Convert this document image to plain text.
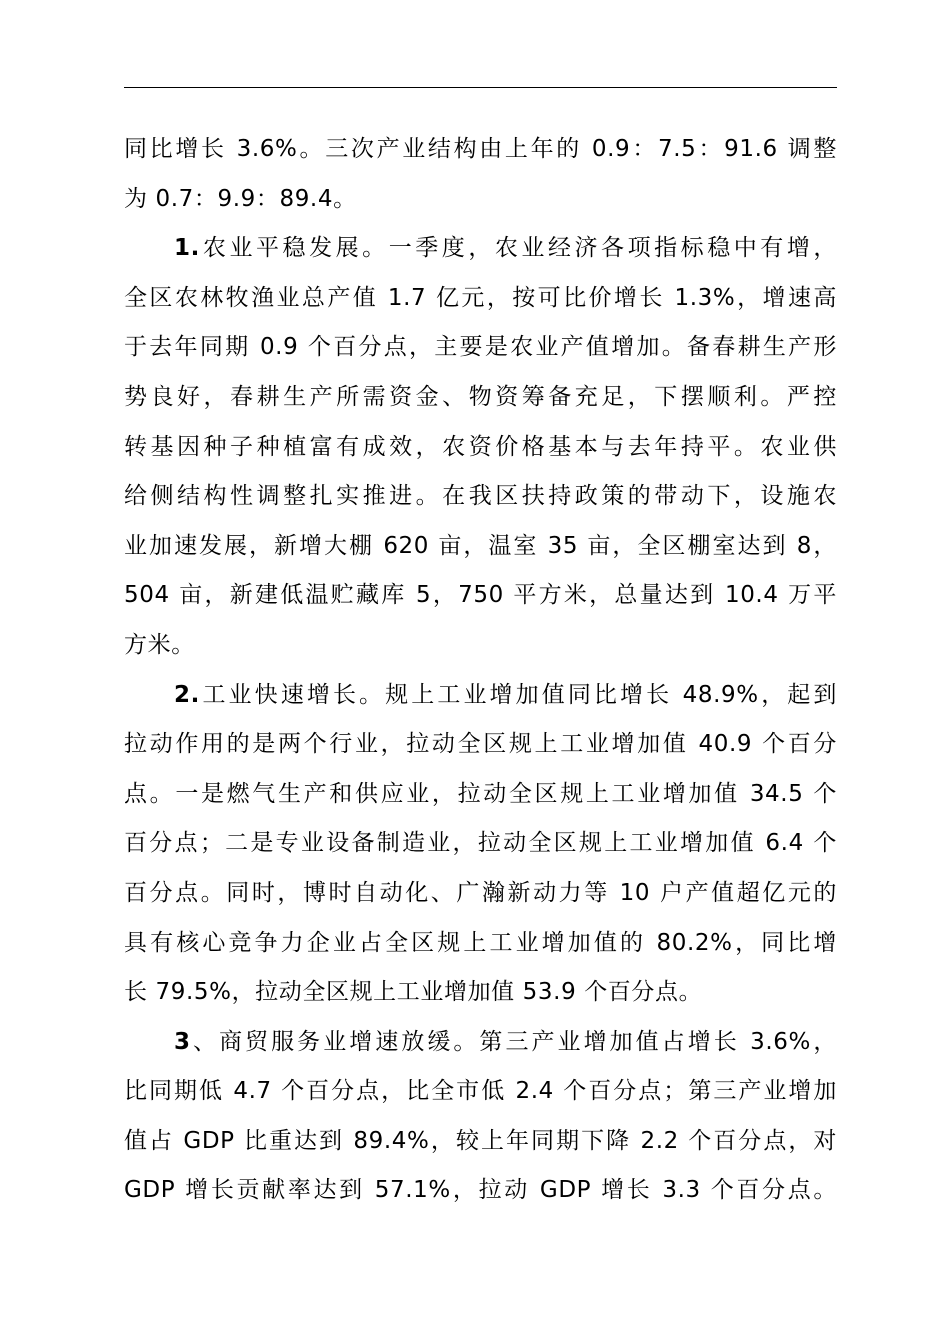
同比增长 3.6%。三次产业结构由上年的 0.9：7.5：91.6 调整
为 0.7：9.9：89.4。
1.农业平稳发展。一季度，农业经济各项指标稳中有增，
全区农林牧渔业总产值 1.7 亿元，按可比价增长 1.3%，增速高
于去年同期 0.9 个百分点，主要是农业产值增加。备春耕生产形
势良好，春耕生产所需资金、物资筹备充足，下摆顺利。严控
转基因种子种植富有成效，农资价格基本与去年持平。农业供
给侧结构性调整扎实推进。在我区扶持政策的带动下，设施农
业加速发展，新增大棚 620 亩，温室 35 亩，全区棚室达到 8，
504 亩，新建低温贮藏库 5，750 平方米，总量达到 10.4 万平
方米。
2.工业快速增长。规上工业增加值同比增长 48.9%，起到
拉动作用的是两个行业，拉动全区规上工业增加值 40.9 个百分
点。一是燃气生产和供应业，拉动全区规上工业增加值 34.5 个
百分点；二是专业设备制造业，拉动全区规上工业增加值 6.4 个
百分点。同时，博时自动化、广瀚新动力等 10 户产值超亿元的
具有核心竞争力企业占全区规上工业增加值的 80.2%，同比增
长 79.5%，拉动全区规上工业增加值 53.9 个百分点。
3、商贸服务业增速放缓。第三产业增加值占增长 3.6%，
比同期低 4.7 个百分点，比全市低 2.4 个百分点；第三产业增加
值占 GDP 比重达到 89.4%，较上年同期下降 2.2 个百分点，对
GDP 增长贡献率达到 57.1%，拉动 GDP 增长 3.3 个百分点。
